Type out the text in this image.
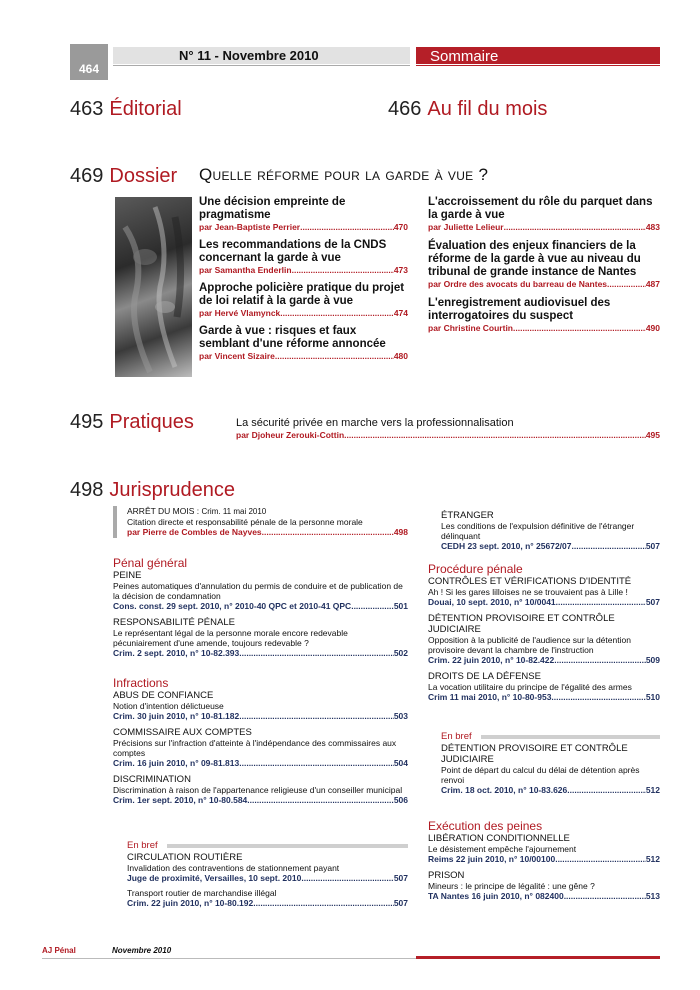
464
N° 11 - Novembre 2010	Sommaire
463 Éditorial	466 Au fil du mois
469 Dossier Quelle réforme pour la garde à vue ?
Une décision empreinte de pragmatisme
par Jean-Baptiste Perrier .....	470
Les recommandations de la CNDS concernant la garde à vue
par Samantha Enderlin .....	473
Approche policière pratique du projet de loi relatif à la garde à vue
par Hervé Vlamynck .....	474
Garde à vue : risques et faux semblant d'une réforme annoncée
par Vincent Sizaire .....	480
L'accroissement du rôle du parquet dans la garde à vue
par Juliette Lelieur .....	483
Évaluation des enjeux financiers de la réforme de la garde à vue au niveau du tribunal de grande instance de Nantes
par Ordre des avocats du barreau de Nantes .....	487
L'enregistrement audiovisuel des interrogatoires du suspect
par Christine Courtin .....	490
495 Pratiques	La sécurité privée en marche vers la professionnalisation
par Djoheur Zerouki-Cottin .....	495
498 Jurisprudence
ARRÊT DU MOIS : Crim. 11 mai 2010
Citation directe et responsabilité pénale de la personne morale
par Pierre de Combles de Nayves .....	498
Pénal général
PEINE
Peines automatiques d'annulation du permis de conduire et de publication de la décision de condamnation
Cons. const. 29 sept. 2010, n° 2010-40 QPC et 2010-41 QPC .....	501
RESPONSABILITÉ PÉNALE
Le représentant légal de la personne morale encore redevable pécuniairement d'une amende, toujours redevable ?
Crim. 2 sept. 2010, n° 10-82.393 .....	502
Infractions
ABUS DE CONFIANCE
Notion d'intention délictueuse
Crim. 30 juin 2010, n° 10-81.182 .....	503
COMMISSAIRE AUX COMPTES
Précisions sur l'infraction d'atteinte à l'indépendance des commissaires aux comptes
Crim. 16 juin 2010, n° 09-81.813 .....	504
DISCRIMINATION
Discrimination à raison de l'appartenance religieuse d'un conseiller municipal
Crim. 1er sept. 2010, n° 10-80.584 .....	506
En bref
CIRCULATION ROUTIÈRE
Invalidation des contraventions de stationnement payant
Juge de proximité, Versailles, 10 sept. 2010 .....	507
Transport routier de marchandise illégal
Crim. 22 juin 2010, n° 10-80.192 .....	507
ÉTRANGER
Les conditions de l'expulsion définitive de l'étranger délinquant
CEDH 23 sept. 2010, n° 25672/07 .....	507
Procédure pénale
CONTRÔLES ET VÉRIFICATIONS D'IDENTITÉ
Ah ! Si les gares lilloises ne se trouvaient pas à Lille !
Douai, 10 sept. 2010, n° 10/0041 .....	507
DÉTENTION PROVISOIRE ET CONTRÔLE JUDICIAIRE
Opposition à la publicité de l'audience sur la détention provisoire devant la chambre de l'instruction
Crim. 22 juin 2010, n° 10-82.422 .....	509
DROITS DE LA DÉFENSE
La vocation utilitaire du principe de l'égalité des armes
Crim 11 mai 2010, n° 10-80-953 .....	510
En bref
DÉTENTION PROVISOIRE ET CONTRÔLE JUDICIAIRE
Point de départ du calcul du délai de détention après renvoi
Crim. 18 oct. 2010, n° 10-83.626 .....	512
Exécution des peines
LIBÉRATION CONDITIONNELLE
Le désistement empêche l'ajournement
Reims 22 juin 2010, n° 10/00100 .....	512
PRISON
Mineurs : le principe de légalité : une gêne ?
TA Nantes 16 juin 2010, n° 082400 .....	513
AJ Pénal	Novembre 2010
